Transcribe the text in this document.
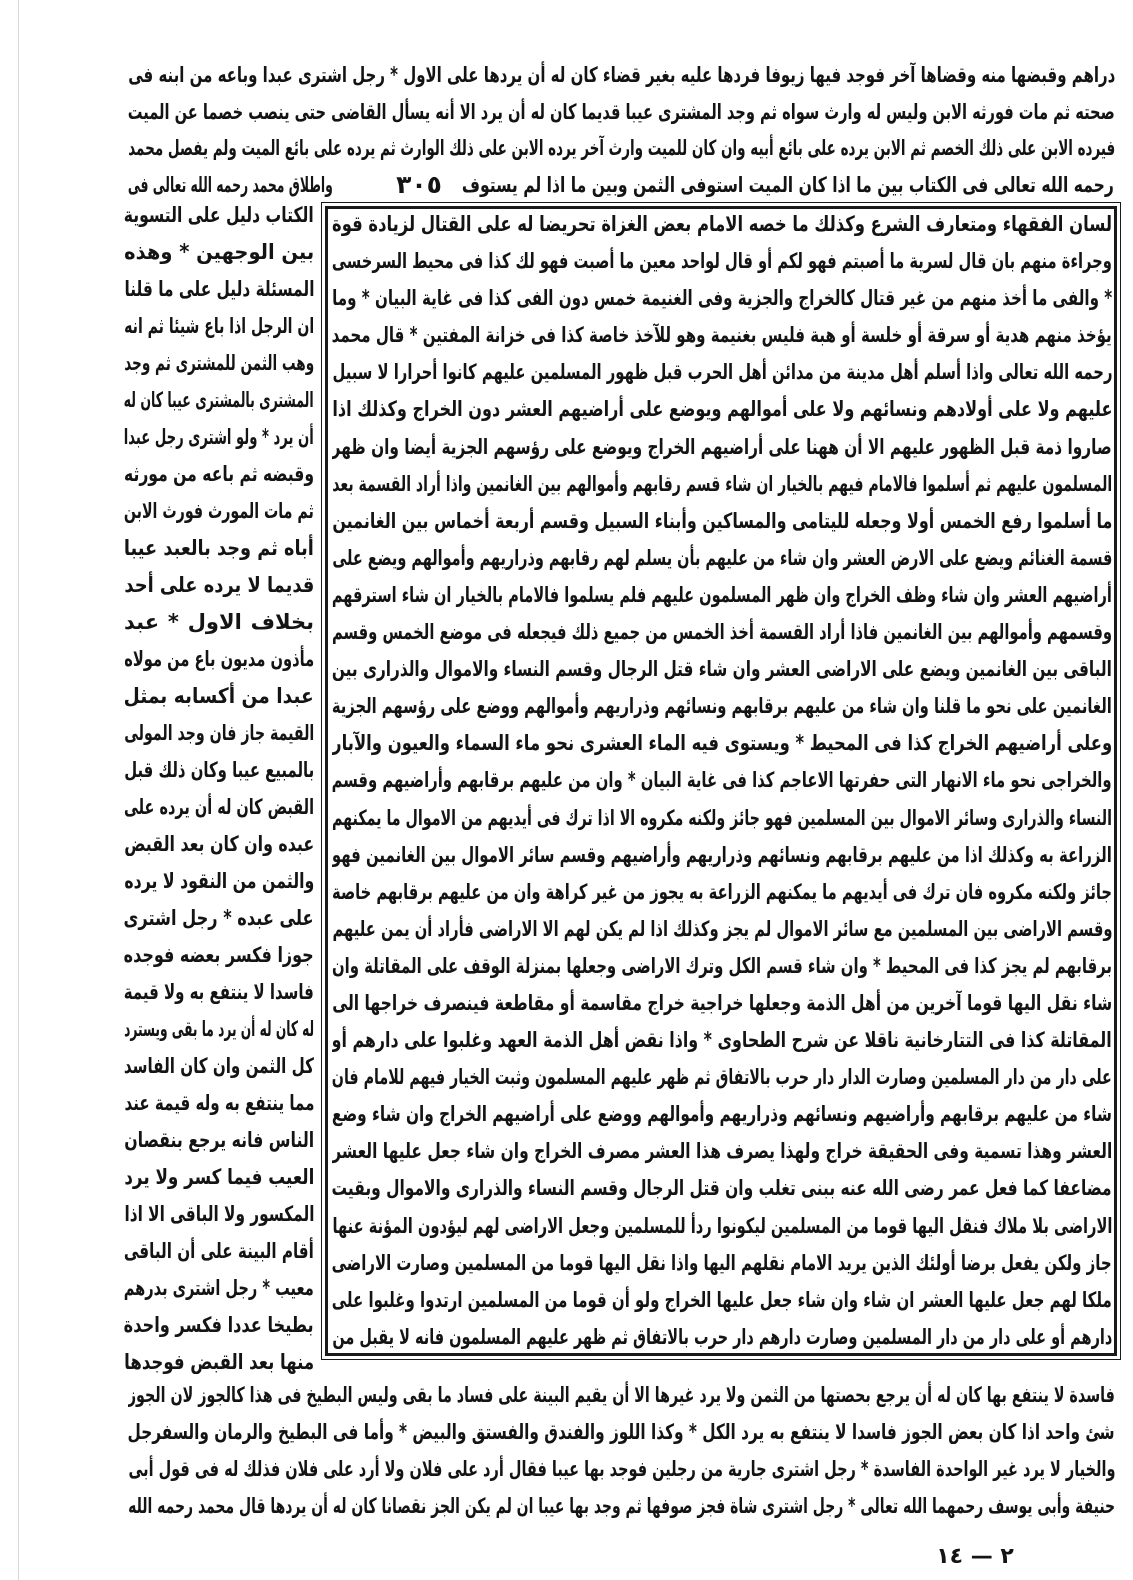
دراهم وقبضها منه وقضاها آخر فوجد فيها زيوفا فردها عليه بغير قضاء كان له أن يردها على الاول * رجل اشترى عبدا وباعه من ابنه فى
صحته ثم مات فورثه الابن وليس له وارث سواه ثم وجد المشترى عيبا قديما كان له أن يرد الا أنه يسأل القاضى حتى ينصب خصما عن الميت
فيرده الابن على ذلك الخصم ثم الابن يرده على بائع أبيه وان كان للميت وارث آخر يرده الابن على ذلك الوارث ثم يرده على بائع الميت ولم يفصل محمد
رحمه الله تعالى فى الكتاب بين ما اذا كان الميت استوفى الثمن وبين ما اذا لم يستوف
٣٠٥
واطلاق محمد رحمه الله تعالى فى
لسان الفقهاء ومتعارف الشرع وكذلك ما خصه الامام بعض الغزاة تحريضا له على القتال لزيادة قوة
وجراءة منهم بان قال لسرية ما أصبتم فهو لكم أو قال لواحد معين ما أصبت فهو لك كذا فى محيط السرخسى
* والفى ما أخذ منهم من غير قتال كالخراج والجزية وفى الغنيمة خمس دون الفى كذا فى غاية البيان * وما
يؤخذ منهم هدية أو سرقة أو خلسة أو هبة فليس بغنيمة وهو للآخذ خاصة كذا فى خزانة المفتين * قال محمد
رحمه الله تعالى واذا أسلم أهل مدينة من مدائن أهل الحرب قبل ظهور المسلمين عليهم كانوا أحرارا لا سبيل
عليهم ولا على أولادهم ونسائهم ولا على أموالهم ويوضع على أراضيهم العشر دون الخراج وكذلك اذا
صاروا ذمة قبل الظهور عليهم الا أن ههنا على أراضيهم الخراج ويوضع على رؤسهم الجزية أيضا وان ظهر
المسلمون عليهم ثم أسلموا فالامام فيهم بالخيار ان شاء قسم رقابهم وأموالهم بين الغانمين واذا أراد القسمة بعد
ما أسلموا رفع الخمس أولا وجعله لليتامى والمساكين وأبناء السبيل وقسم أربعة أخماس بين الغانمين
قسمة الغنائم ويضع على الارض العشر وان شاء من عليهم بأن يسلم لهم رقابهم وذراريهم وأموالهم ويضع على
أراضيهم العشر وان شاء وظف الخراج وان ظهر المسلمون عليهم فلم يسلموا فالامام بالخيار ان شاء استرقهم
وقسمهم وأموالهم بين الغانمين فاذا أراد القسمة أخذ الخمس من جميع ذلك فيجعله فى موضع الخمس وقسم
الباقى بين الغانمين ويضع على الاراضى العشر وان شاء قتل الرجال وقسم النساء والاموال والذرارى بين
الغانمين على نحو ما قلنا وان شاء من عليهم برقابهم ونسائهم وذراريهم وأموالهم ووضع على رؤسهم الجزية
وعلى أراضيهم الخراج كذا فى المحيط * ويستوى فيه الماء العشرى نحو ماء السماء والعيون والآبار
والخراجى نحو ماء الانهار التى حفرتها الاعاجم كذا فى غاية البيان * وان من عليهم برقابهم وأراضيهم وقسم
النساء والذرارى وسائر الاموال بين المسلمين فهو جائز ولكنه مكروه الا اذا ترك فى أيديهم من الاموال ما يمكنهم
الزراعة به وكذلك اذا من عليهم برقابهم ونسائهم وذراريهم وأراضيهم وقسم سائر الاموال بين الغانمين فهو
جائز ولكنه مكروه فان ترك فى أيديهم ما يمكنهم الزراعة به يجوز من غير كراهة وان من عليهم برقابهم خاصة
وقسم الاراضى بين المسلمين مع سائر الاموال لم يجز وكذلك اذا لم يكن لهم الا الاراضى فأراد أن يمن عليهم
برقابهم لم يجز كذا فى المحيط * وان شاء قسم الكل وترك الاراضى وجعلها بمنزلة الوقف على المقاتلة وان
شاء نقل اليها قوما آخرين من أهل الذمة وجعلها خراجية خراج مقاسمة أو مقاطعة فينصرف خراجها الى
المقاتلة كذا فى التتارخانية ناقلا عن شرح الطحاوى * واذا نقض أهل الذمة العهد وغلبوا على دارهم أو
على دار من دار المسلمين وصارت الدار دار حرب بالاتفاق ثم ظهر عليهم المسلمون وثبت الخيار فيهم للامام فان
شاء من عليهم برقابهم وأراضيهم ونسائهم وذراريهم وأموالهم ووضع على أراضيهم الخراج وان شاء وضع
العشر وهذا تسمية وفى الحقيقة خراج ولهذا يصرف هذا العشر مصرف الخراج وان شاء جعل عليها العشر
مضاعفا كما فعل عمر رضى الله عنه ببنى تغلب وان قتل الرجال وقسم النساء والذرارى والاموال وبقيت
الاراضى بلا ملاك فنقل اليها قوما من المسلمين ليكونوا ردأ للمسلمين وجعل الاراضى لهم ليؤدون المؤنة عنها
جاز ولكن يفعل برضا أولئك الذين يريد الامام نقلهم اليها واذا نقل اليها قوما من المسلمين وصارت الاراضى
ملكا لهم جعل عليها العشر ان شاء وان شاء جعل عليها الخراج ولو أن قوما من المسلمين ارتدوا وغلبوا على
دارهم أو على دار من دار المسلمين وصارت دارهم دار حرب بالاتفاق ثم ظهر عليهم المسلمون فانه لا يقبل من
الكتاب دليل على التسوية
بين الوجهين * وهذه
المسئلة دليل على ما قلنا
ان الرجل اذا باع شيئا ثم انه
وهب الثمن للمشترى ثم وجد
المشترى بالمشترى عيبا كان له
أن يرد * ولو اشترى رجل عبدا
وقبضه ثم باعه من مورثه
ثم مات المورث فورث الابن
أباه ثم وجد بالعبد عيبا
قديما لا يرده على أحد
بخلاف الاول * عبد
مأذون مديون باع من مولاه
عبدا من أكسابه بمثل
القيمة جاز فان وجد المولى
بالمبيع عيبا وكان ذلك قبل
القبض كان له أن يرده على
عبده وان كان بعد القبض
والثمن من النقود لا يرده
على عبده * رجل اشترى
جوزا فكسر بعضه فوجده
فاسدا لا ينتفع به ولا قيمة
له كان له أن يرد ما بقى ويسترد
كل الثمن وان كان الفاسد
مما ينتفع به وله قيمة عند
الناس فانه يرجع بنقصان
العيب فيما كسر ولا يرد
المكسور ولا الباقى الا اذا
أقام البينة على أن الباقى
معيب * رجل اشترى بدرهم
بطيخا عددا فكسر واحدة
منها بعد القبض فوجدها
فاسدة لا ينتفع بها كان له أن يرجع بحصتها من الثمن ولا يرد غيرها الا أن يقيم البينة على فساد ما بقى وليس البطيخ فى هذا كالجوز لان الجوز
شئ واحد اذا كان بعض الجوز فاسدا لا ينتفع به يرد الكل * وكذا اللوز والفندق والفستق والبيض * وأما فى البطيخ والرمان والسفرجل
والخيار لا يرد غير الواحدة الفاسدة * رجل اشترى جارية من رجلين فوجد بها عيبا فقال أرد على فلان ولا أرد على فلان فذلك له فى قول أبى
حنيفة وأبى يوسف رحمهما الله تعالى * رجل اشترى شاة فجز صوفها ثم وجد بها عيبا ان لم يكن الجز نقصانا كان له أن يردها قال محمد رحمه الله
٢ — ١٤
